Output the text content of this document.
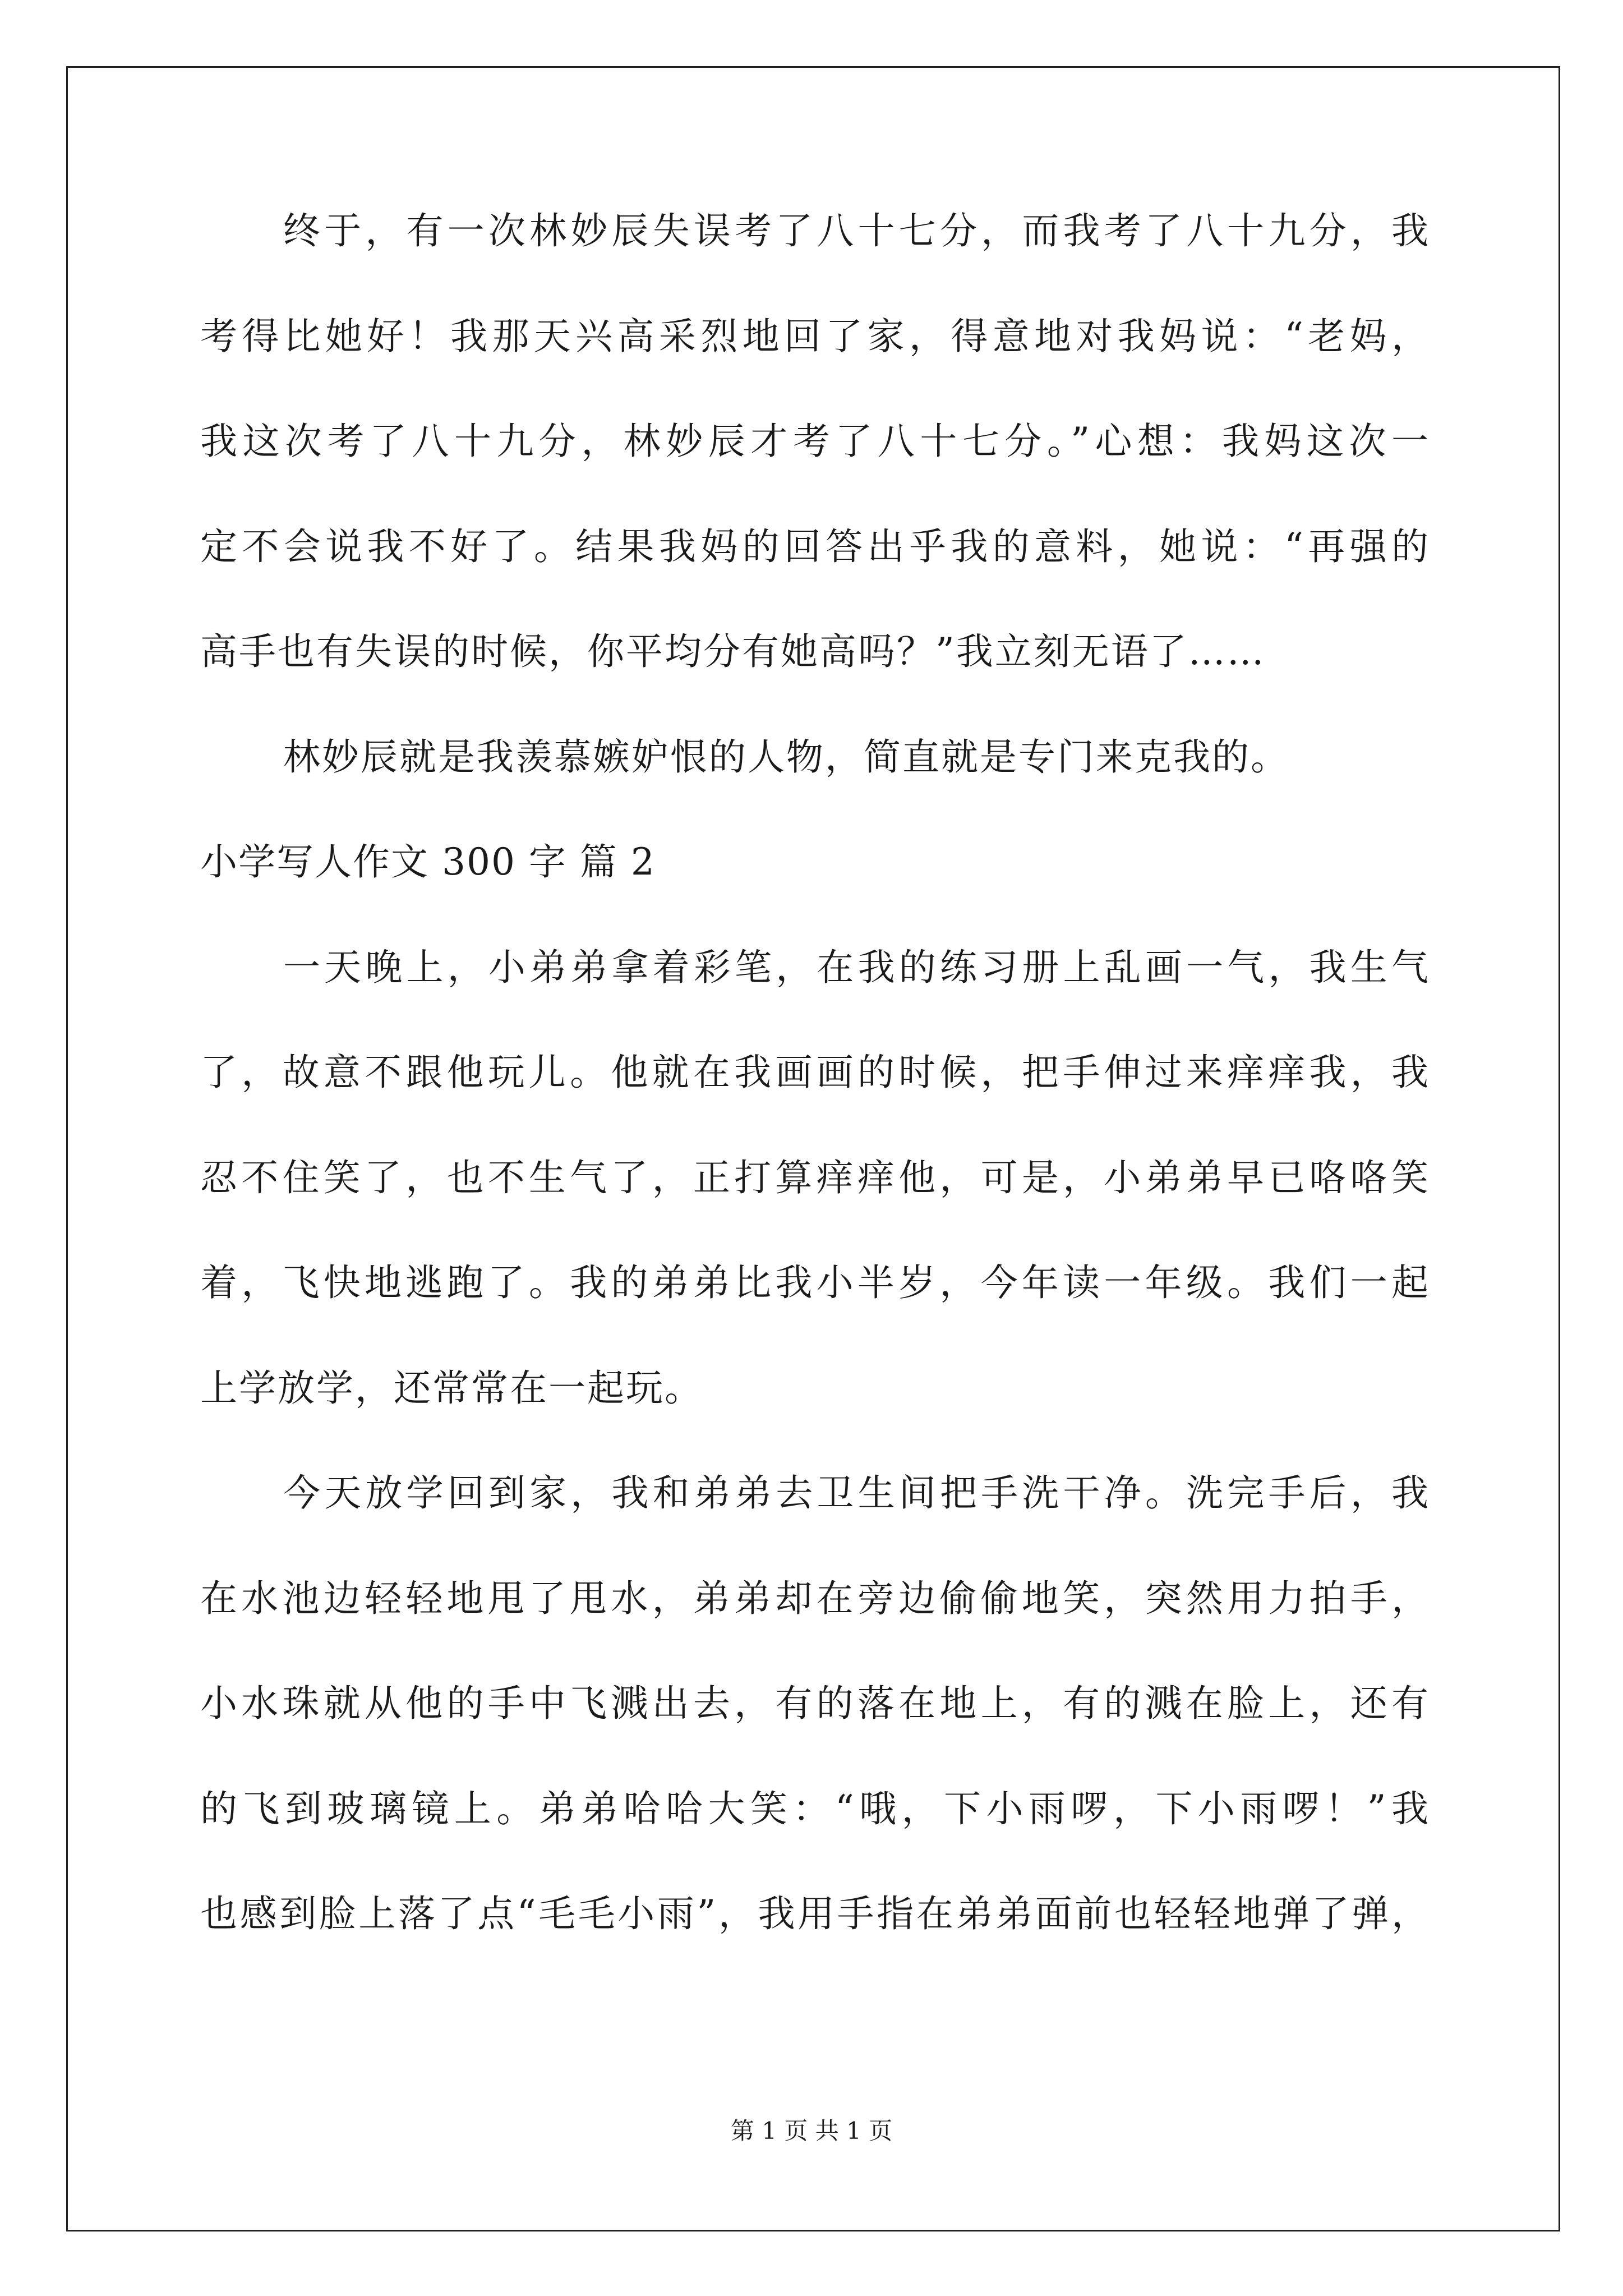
终于，有一次林妙辰失误考了八十七分，而我考了八十九分，我
考得比她好！我那天兴高采烈地回了家，得意地对我妈说：“老妈，
我这次考了八十九分，林妙辰才考了八十七分。”心想：我妈这次一
定不会说我不好了。结果我妈的回答出乎我的意料，她说：“再强的
高手也有失误的时候，你平均分有她高吗？”我立刻无语了……
林妙辰就是我羡慕嫉妒恨的人物，简直就是专门来克我的。
小学写人作文 300 字 篇 2
一天晚上，小弟弟拿着彩笔，在我的练习册上乱画一气，我生气
了，故意不跟他玩儿。他就在我画画的时候，把手伸过来痒痒我，我
忍不住笑了，也不生气了，正打算痒痒他，可是，小弟弟早已咯咯笑
着，飞快地逃跑了。我的弟弟比我小半岁，今年读一年级。我们一起
上学放学，还常常在一起玩。
今天放学回到家，我和弟弟去卫生间把手洗干净。洗完手后，我
在水池边轻轻地甩了甩水，弟弟却在旁边偷偷地笑，突然用力拍手，
小水珠就从他的手中飞溅出去，有的落在地上，有的溅在脸上，还有
的飞到玻璃镜上。弟弟哈哈大笑：“哦，下小雨啰，下小雨啰！”我
也感到脸上落了点“毛毛小雨”，我用手指在弟弟面前也轻轻地弹了弹，
第 1 页 共 1 页
